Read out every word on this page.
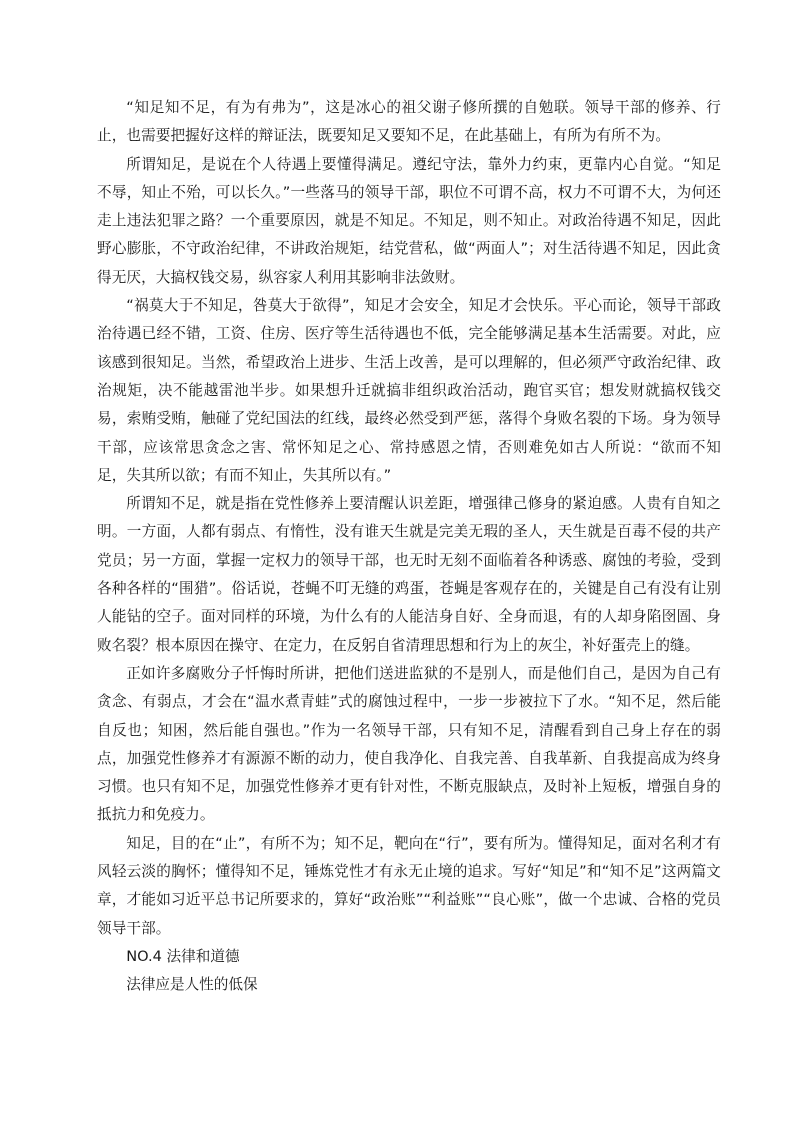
“知足知不足，有为有弗为”，这是冰心的祖父谢子修所撰的自勉联。领导干部的修养、行止，也需要把握好这样的辩证法，既要知足又要知不足，在此基础上，有所为有所不为。

所谓知足，是说在个人待遇上要懂得满足。遵纪守法，靠外力约束，更靠内心自觉。“知足不辱，知止不殆，可以长久。”一些落马的领导干部，职位不可谓不高，权力不可谓不大，为何还走上违法犯罪之路？一个重要原因，就是不知足。不知足，则不知止。对政治待遇不知足，因此野心膨胀，不守政治纪律，不讲政治规矩，结党营私，做“两面人”；对生活待遇不知足，因此贪得无厌，大搞权钱交易，纵容家人利用其影响非法敛财。

“祸莫大于不知足，咎莫大于欲得”，知足才会安全，知足才会快乐。平心而论，领导干部政治待遇已经不错，工资、住房、医疗等生活待遇也不低，完全能够满足基本生活需要。对此，应该感到很知足。当然，希望政治上进步、生活上改善，是可以理解的，但必须严守政治纪律、政治规矩，决不能越雷池半步。如果想升迁就搞非组织政治活动，跑官买官；想发财就搞权钱交易，索贿受贿，触碰了党纪国法的红线，最终必然受到严惩，落得个身败名裂的下场。身为领导干部，应该常思贪念之害、常怀知足之心、常持感恩之情，否则难免如古人所说：“欲而不知足，失其所以欲；有而不知止，失其所以有。”

所谓知不足，就是指在党性修养上要清醒认识差距，增强律己修身的紧迫感。人贵有自知之明。一方面，人都有弱点、有惰性，没有谁天生就是完美无瑕的圣人，天生就是百毒不侵的共产党员；另一方面，掌握一定权力的领导干部，也无时无刻不面临着各种诱惑、腐蚀的考验，受到各种各样的“围猎”。俗话说，苍蝇不叮无缝的鸡蛋，苍蝇是客观存在的，关键是自己有没有让别人能钻的空子。面对同样的环境，为什么有的人能洁身自好、全身而退，有的人却身陷囹圄、身败名裂？根本原因在操守、在定力，在反躬自省清理思想和行为上的灰尘，补好蛋壳上的缝。

正如许多腐败分子忏悔时所讲，把他们送进监狱的不是别人，而是他们自己，是因为自己有贪念、有弱点，才会在“温水煮青蛙”式的腐蚀过程中，一步一步被拉下了水。“知不足，然后能自反也；知困，然后能自强也。”作为一名领导干部，只有知不足，清醒看到自己身上存在的弱点，加强党性修养才有源源不断的动力，使自我净化、自我完善、自我革新、自我提高成为终身习惯。也只有知不足，加强党性修养才更有针对性，不断克服缺点，及时补上短板，增强自身的抵抗力和免疫力。

知足，目的在“止”，有所不为；知不足，靶向在“行”，要有所为。懂得知足，面对名利才有风轻云淡的胸怀；懂得知不足，锤炼党性才有永无止境的追求。写好“知足”和“知不足”这两篇文章，才能如习近平总书记所要求的，算好“政治账”“利益账”“良心账”，做一个忠诚、合格的党员领导干部。

NO.4 法律和道德

法律应是人性的低保
